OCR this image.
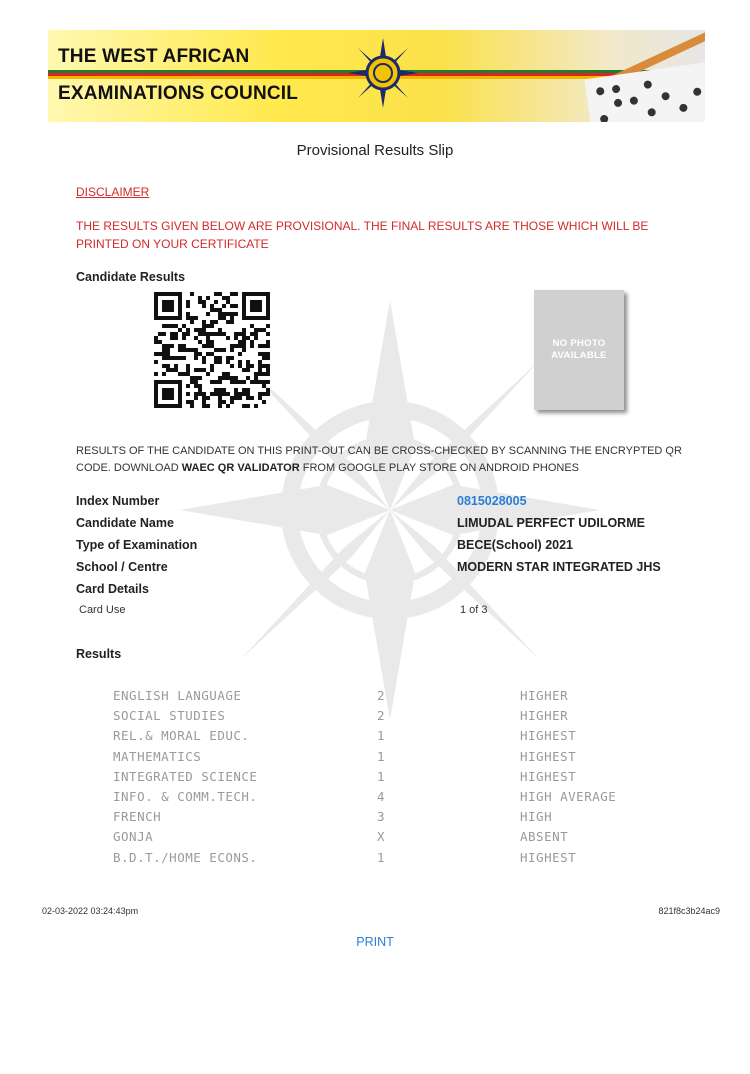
THE WEST AFRICAN
EXAMINATIONS COUNCIL
Provisional Results Slip
DISCLAIMER
THE RESULTS GIVEN BELOW ARE PROVISIONAL. THE FINAL RESULTS ARE THOSE WHICH WILL BE PRINTED ON YOUR CERTIFICATE
Candidate Results
NO PHOTO
AVAILABLE
RESULTS OF THE CANDIDATE ON THIS PRINT-OUT CAN BE CROSS-CHECKED BY SCANNING THE ENCRYPTED QR CODE. DOWNLOAD WAEC QR VALIDATOR FROM GOOGLE PLAY STORE ON ANDROID PHONES
Index Number	0815028005
Candidate Name	LIMUDAL PERFECT UDILORME
Type of Examination	BECE(School) 2021
School / Centre	MODERN STAR INTEGRATED JHS
Card Details
Card Use	1 of 3
Results
ENGLISH LANGUAGE	2	HIGHER
SOCIAL STUDIES	2	HIGHER
REL.& MORAL EDUC.	1	HIGHEST
MATHEMATICS	1	HIGHEST
INTEGRATED SCIENCE	1	HIGHEST
INFO. & COMM.TECH.	4	HIGH AVERAGE
FRENCH	3	HIGH
GONJA	X	ABSENT
B.D.T./HOME ECONS.	1	HIGHEST
02-03-2022 03:24:43pm	821f8c3b24ac9
PRINT
